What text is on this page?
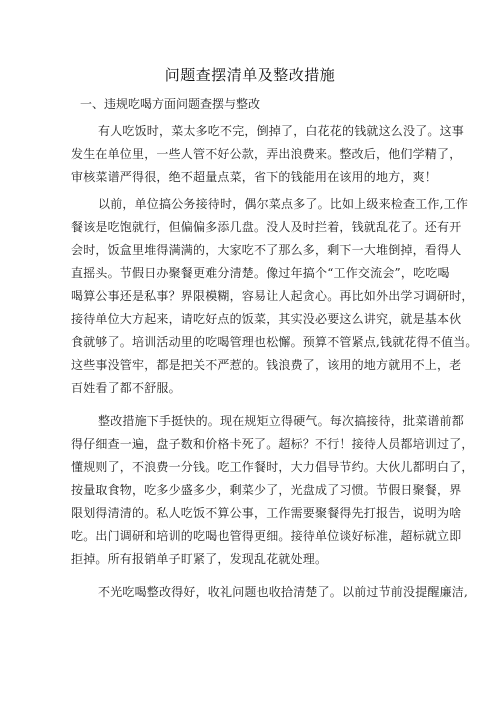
问题查摆清单及整改措施
一、违规吃喝方面问题查摆与整改
有人吃饭时，菜太多吃不完，倒掉了，白花花的钱就这么没了。这事
发生在单位里，一些人管不好公款，弄出浪费来。整改后，他们学精了，
审核菜谱严得很，绝不超量点菜，省下的钱能用在该用的地方，爽！
以前，单位搞公务接待时，偶尔菜点多了。比如上级来检查工作,工作
餐该是吃饱就行，但偏偏多添几盘。没人及时拦着，钱就乱花了。还有开
会时，饭盒里堆得满满的，大家吃不了那么多，剩下一大堆倒掉，看得人
直摇头。节假日办聚餐更难分清楚。像过年搞个“工作交流会”，吃吃喝
喝算公事还是私事？界限模糊，容易让人起贪心。再比如外出学习调研时，
接待单位大方起来，请吃好点的饭菜，其实没必要这么讲究，就是基本伙
食就够了。培训活动里的吃喝管理也松懈。预算不管紧点,钱就花得不值当。
这些事没管牢，都是把关不严惹的。钱浪费了，该用的地方就用不上，老
百姓看了都不舒服。
整改措施下手挺快的。现在规矩立得硬气。每次搞接待，批菜谱前都
得仔细查一遍，盘子数和价格卡死了。超标？不行！接待人员都培训过了，
懂规则了，不浪费一分钱。吃工作餐时，大力倡导节约。大伙儿都明白了，
按量取食物，吃多少盛多少，剩菜少了，光盘成了习惯。节假日聚餐，界
限划得清清的。私人吃饭不算公事，工作需要聚餐得先打报告，说明为啥
吃。出门调研和培训的吃喝也管得更细。接待单位谈好标准，超标就立即
拒掉。所有报销单子盯紧了，发现乱花就处理。
不光吃喝整改得好，收礼问题也收拾清楚了。以前过节前没提醒廉洁,
